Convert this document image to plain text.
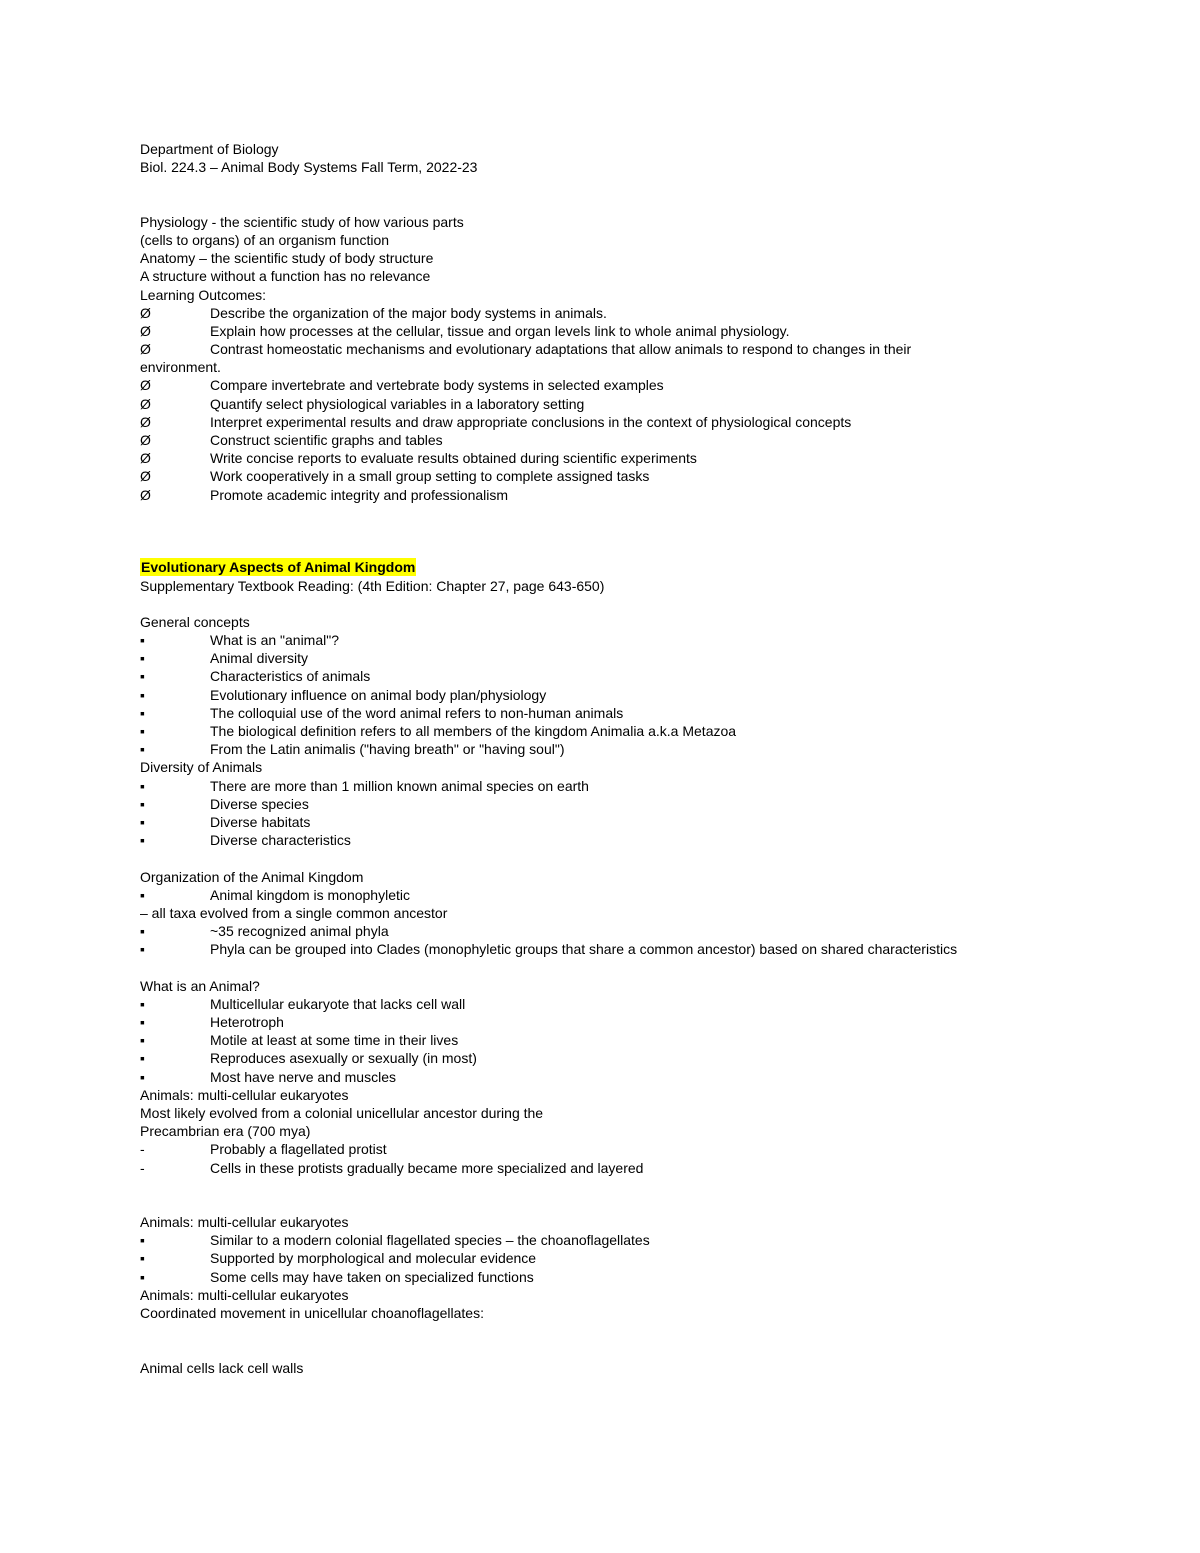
Department of Biology
Biol. 224.3 – Animal Body Systems Fall Term, 2022-23
Physiology - the scientific study of how various parts
(cells to organs) of an organism function
Anatomy – the scientific study of body structure
A structure without a function has no relevance
Learning Outcomes:
Ø	Describe the organization of the major body systems in animals.
Ø	Explain how processes at the cellular, tissue and organ levels link to whole animal physiology.
Ø	Contrast homeostatic mechanisms and evolutionary adaptations that allow animals to respond to changes in their
environment.
Ø	Compare invertebrate and vertebrate body systems in selected examples
Ø	Quantify select physiological variables in a laboratory setting
Ø	Interpret experimental results and draw appropriate conclusions in the context of physiological concepts
Ø	Construct scientific graphs and tables
Ø	Write concise reports to evaluate results obtained during scientific experiments
Ø	Work cooperatively in a small group setting to complete assigned tasks
Ø	Promote academic integrity and professionalism
Evolutionary Aspects of Animal Kingdom
Supplementary Textbook Reading: (4th Edition: Chapter 27, page 643-650)
General concepts
▪	What is an "animal"?
▪	Animal diversity
▪	Characteristics of animals
▪	Evolutionary influence on animal body plan/physiology
▪	The colloquial use of the word animal refers to non-human animals
▪	The biological definition refers to all members of the kingdom Animalia a.k.a Metazoa
▪	From the Latin animalis ("having breath" or "having soul")
Diversity of Animals
▪	There are more than 1 million known animal species on earth
▪	Diverse species
▪	Diverse habitats
▪	Diverse characteristics
Organization of the Animal Kingdom
▪	Animal kingdom is monophyletic
– all taxa evolved from a single common ancestor
▪	~35 recognized animal phyla
▪	Phyla can be grouped into Clades (monophyletic groups that share a common ancestor) based on shared characteristics
What is an Animal?
▪	Multicellular eukaryote that lacks cell wall
▪	Heterotroph
▪	Motile at least at some time in their lives
▪	Reproduces asexually or sexually (in most)
▪	Most have nerve and muscles
Animals: multi-cellular eukaryotes
Most likely evolved from a colonial unicellular ancestor during the
Precambrian era (700 mya)
-	Probably a flagellated protist
-	Cells in these protists gradually became more specialized and layered
Animals: multi-cellular eukaryotes
▪	Similar to a modern colonial flagellated species – the choanoflagellates
▪	Supported by morphological and molecular evidence
▪	Some cells may have taken on specialized functions
Animals: multi-cellular eukaryotes
Coordinated movement in unicellular choanoflagellates:
Animal cells lack cell walls
